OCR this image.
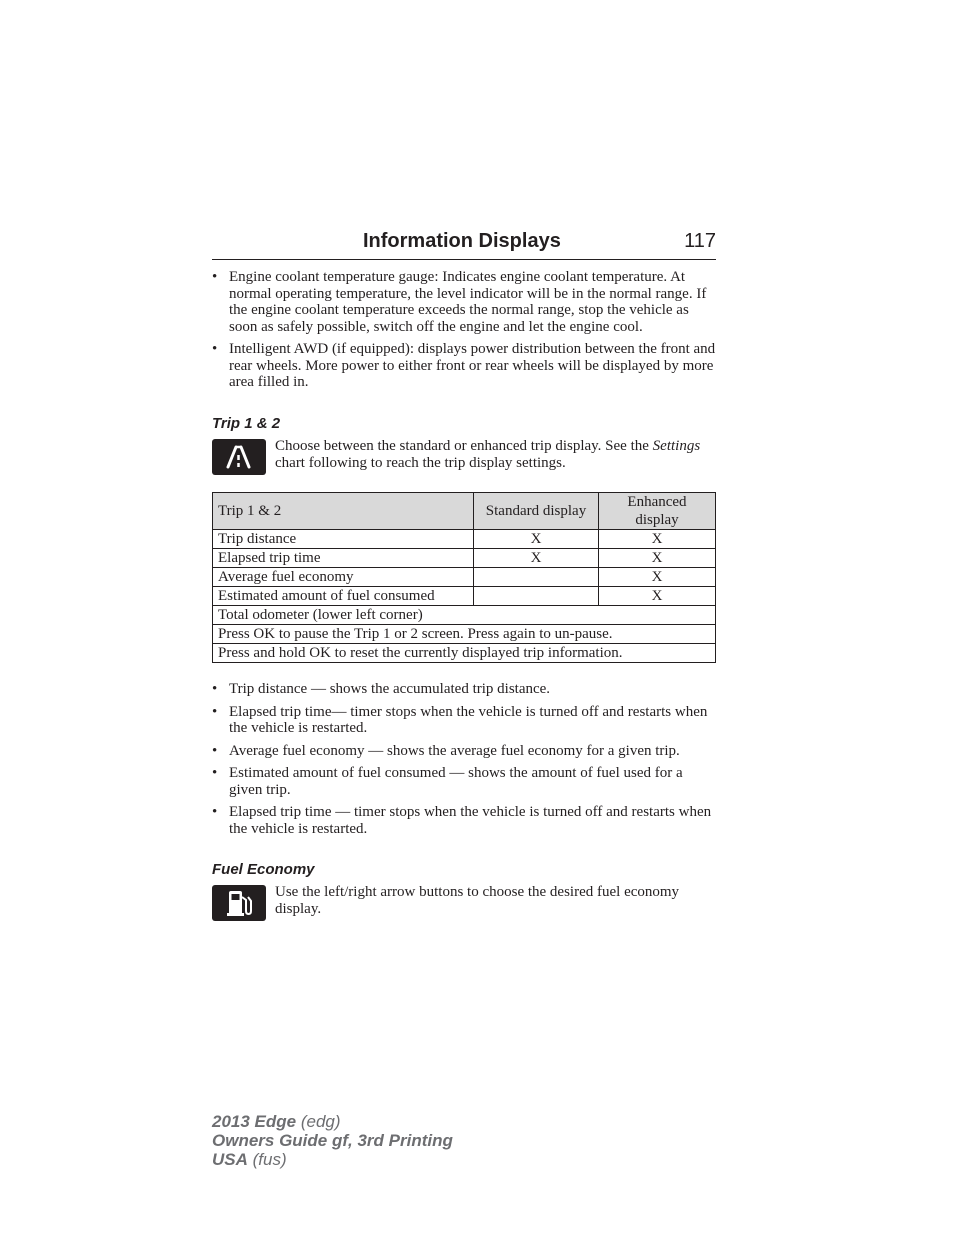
Information Displays	117
• Engine coolant temperature gauge: Indicates engine coolant temperature. At normal operating temperature, the level indicator will be in the normal range. If the engine coolant temperature exceeds the normal range, stop the vehicle as soon as safely possible, switch off the engine and let the engine cool.
• Intelligent AWD (if equipped): displays power distribution between the front and rear wheels. More power to either front or rear wheels will be displayed by more area filled in.
Trip 1 & 2
Choose between the standard or enhanced trip display. See the Settings chart following to reach the trip display settings.
Trip 1 & 2	Standard display	Enhanced display
Trip distance	X	X
Elapsed trip time	X	X
Average fuel economy		X
Estimated amount of fuel consumed		X
Total odometer (lower left corner)		
Press OK to pause the Trip 1 or 2 screen. Press again to un-pause.		
Press and hold OK to reset the currently displayed trip information.		
• Trip distance — shows the accumulated trip distance.
• Elapsed trip time— timer stops when the vehicle is turned off and restarts when the vehicle is restarted.
• Average fuel economy — shows the average fuel economy for a given trip.
• Estimated amount of fuel consumed — shows the amount of fuel used for a given trip.
• Elapsed trip time — timer stops when the vehicle is turned off and restarts when the vehicle is restarted.
Fuel Economy
Use the left/right arrow buttons to choose the desired fuel economy display.
2013 Edge (edg)
Owners Guide gf, 3rd Printing
USA (fus)
